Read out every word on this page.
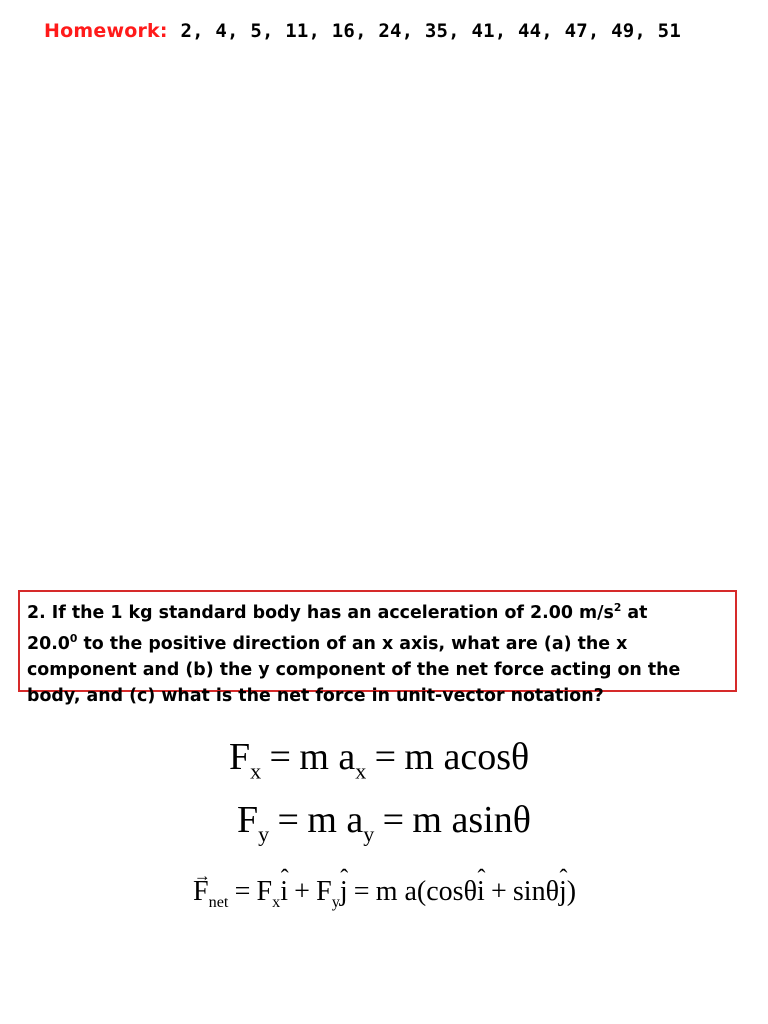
Homework: 2, 4, 5, 11, 16, 24, 35, 41, 44, 47, 49, 51

2. If the 1 kg standard body has an acceleration of 2.00 $m/s^2$ at
20.0$^0$ to the positive direction of an x axis, what are (a) the x
component and (b) the y component of the net force acting on the
body, and (c) what is the net force in unit-vector notation?

$F_x = m$ $a_x = m$ acosθ
$F_y = m$ $a_y = m$ asinθ
→ $F_{net}$ = $F_xˆ$ $i + F_yˆ$ j = m a(cosθˆ i + sinθˆ j)
